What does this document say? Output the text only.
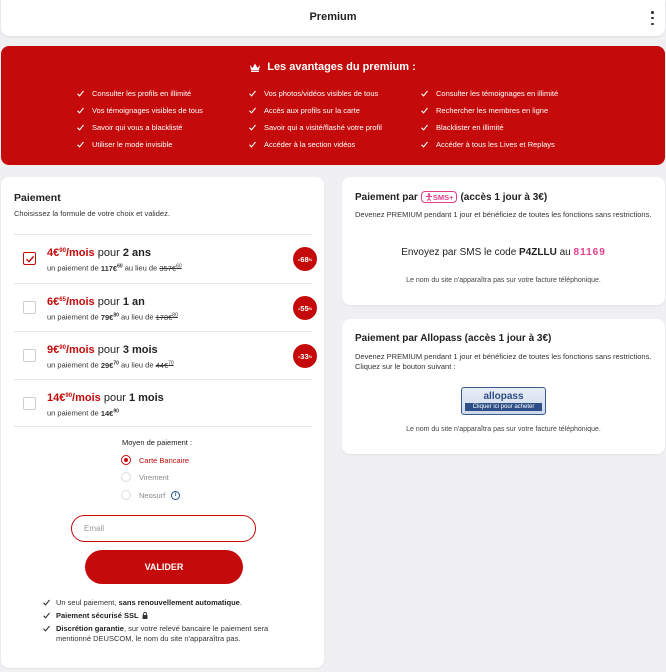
Premium
Les avantages du premium :
Consulter les profils en illimité	Vos photos/vidéos visibles de tous	Consulter les témoignages en illimité
Vos témoignages visibles de tous	Accès aux profils sur la carte	Rechercher les membres en ligne
Savoir qui vous a blacklisté	Savoir qui a visité/flashé votre profil	Blacklister en illimité
Utiliser le mode invisible	Accéder à la section vidéos	Accéder à tous les Lives et Replays
Paiement
Choisissez la formule de votre choix et validez.
4€$^{90}$/mois pour 2 ans
un paiement de 117€$^{60}$ au lieu de 357€$^{60}$
-68 %
6€$^{65}$/mois pour 1 an
un paiement de 79€$^{80}$ au lieu de 178€$^{80}$
-55 %
9€$^{90}$/mois pour 3 mois
un paiement de 29€$^{70}$ au lieu de 44€$^{70}$
-33 %
14€$^{90}$/mois pour 1 mois
un paiement de 14€$^{90}$
Moyen de paiement :
Carte Bancaire
Virement
Neosurf	i
Email
VALIDER
Un seul paiement, sans renouvellement automatique.
Paiement sécurisé SSL
Discrétion garantie, sur votre relevé bancaire le paiement sera mentionné DEUSCOM, le nom du site n'apparaîtra pas.
Paiement par SMS+ (accès 1 jour à 3€)
Devenez PREMIUM pendant 1 jour et bénéficiez de toutes les fonctions sans restrictions.
Envoyez par SMS le code P4ZLLU au 81169
Le nom du site n'apparaîtra pas sur votre facture téléphonique.
Paiement par Allopass (accès 1 jour à 3€)
Devenez PREMIUM pendant 1 jour et bénéficiez de toutes les fonctions sans restrictions. Cliquez sur le bouton suivant :
allopass
Cliquer ici pour acheter
Le nom du site n'apparaîtra pas sur votre facture téléphonique.
